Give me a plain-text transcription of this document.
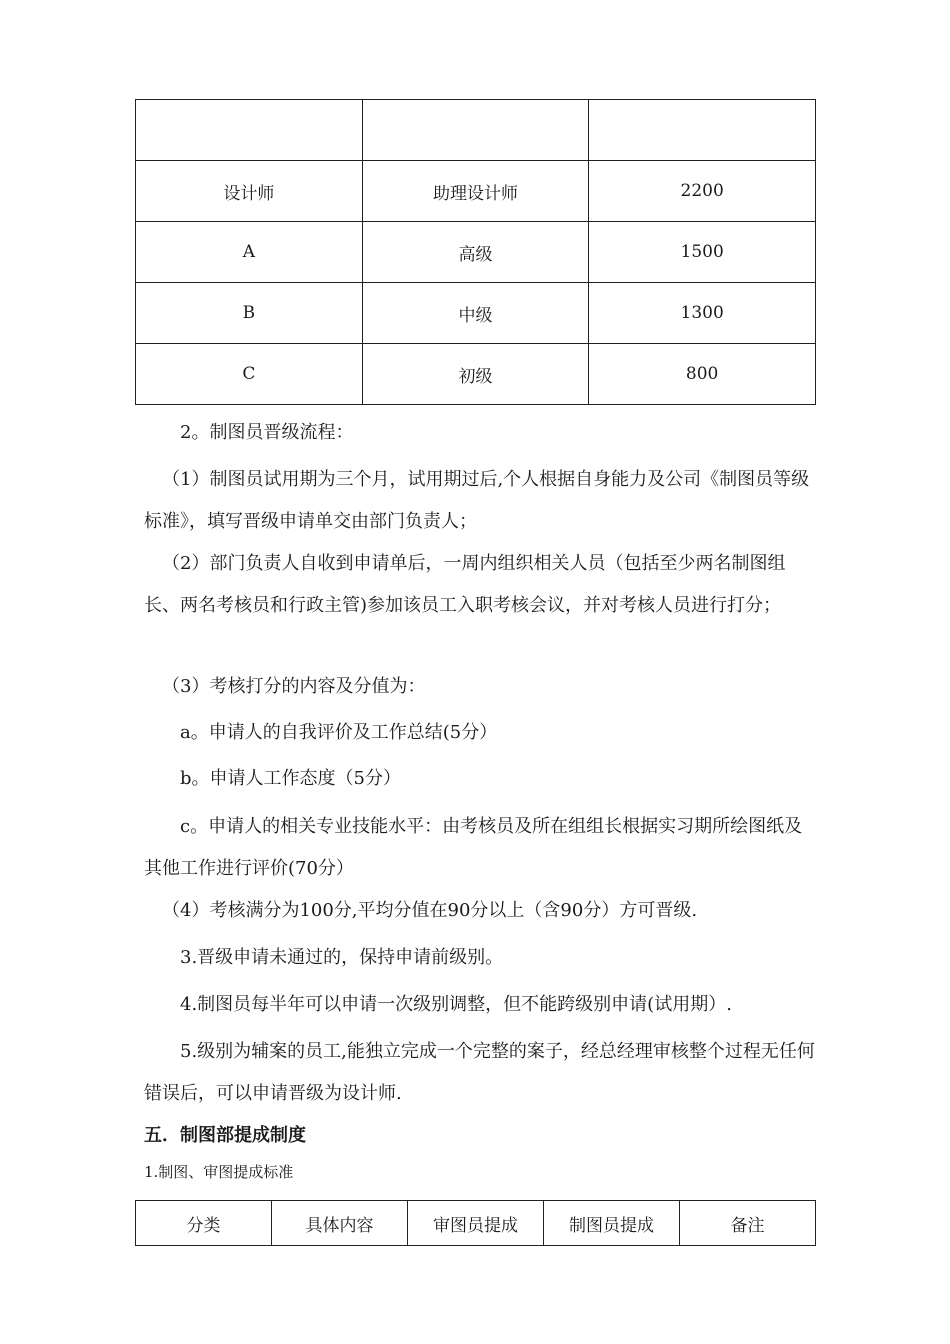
设计师	助理设计师	2200
A	高级	1500
B	中级	1300
C	初级	800

2。制图员晋级流程：

（1）制图员试用期为三个月，试用期过后,个人根据自身能力及公司《制图员等级标准》，填写晋级申请单交由部门负责人；

（2）部门负责人自收到申请单后，一周内组织相关人员（包括至少两名制图组长、两名考核员和行政主管)参加该员工入职考核会议，并对考核人员进行打分；

（3）考核打分的内容及分值为：

a。申请人的自我评价及工作总结(5分）

b。申请人工作态度（5分）

c。申请人的相关专业技能水平：由考核员及所在组组长根据实习期所绘图纸及其他工作进行评价(70分）

（4）考核满分为100分,平均分值在90分以上（含90分）方可晋级.

3.晋级申请未通过的，保持申请前级别。

4.制图员每半年可以申请一次级别调整，但不能跨级别申请(试用期）.

5.级别为辅案的员工,能独立完成一个完整的案子，经总经理审核整个过程无任何错误后，可以申请晋级为设计师.

五．制图部提成制度

1.制图、审图提成标准

分类	具体内容	审图员提成	制图员提成	备注
